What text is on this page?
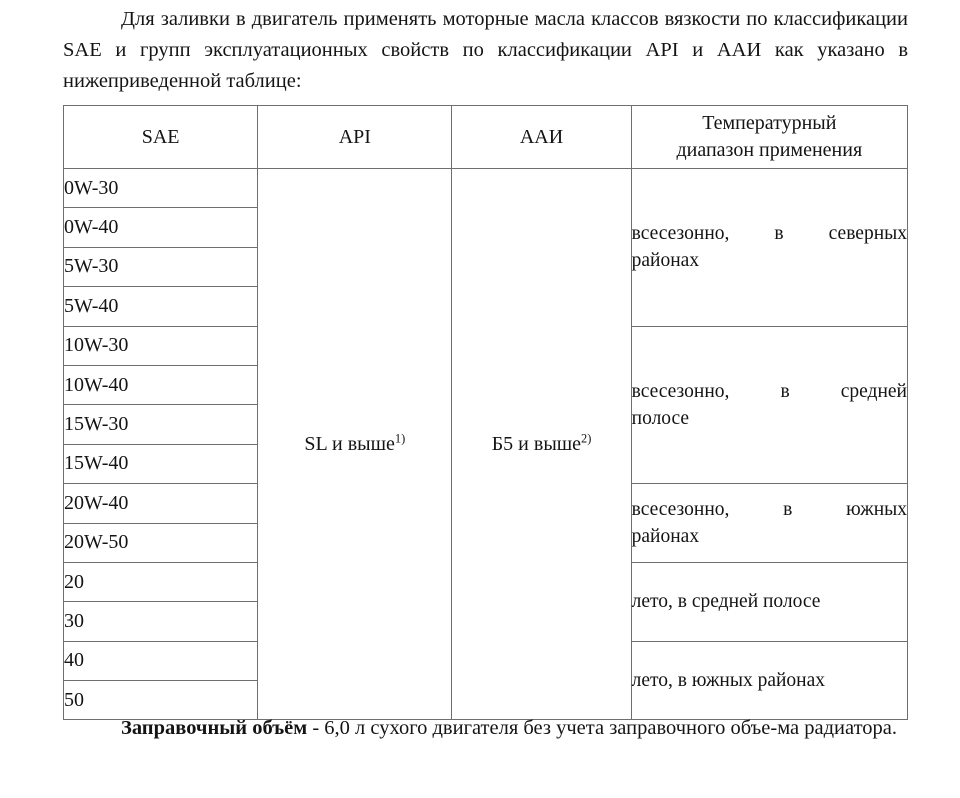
Для заливки в двигатель применять моторные масла классов вязкости по классификации SAE и групп эксплуатационных свойств по классификации API и ААИ как указано в нижеприведенной таблице:
SAE	API	ААИ	Температурный
диапазон применения

0W-30	SL и выше$^{1)}$	Б5 и выше$^{2)}$	всесезонно, в северных
районах

0W-40			
5W-30			
5W-40			
10W-30			всесезонно, в средней
полосе

10W-40			
15W-30			
15W-40			
20W-40			всесезонно, в южных
районах

20W-50			
20			лето, в средней полосе

30			
40			лето, в южных районах

50			
Заправочный объём - 6,0 л сухого двигателя без учета заправочного объе-ма радиатора.
